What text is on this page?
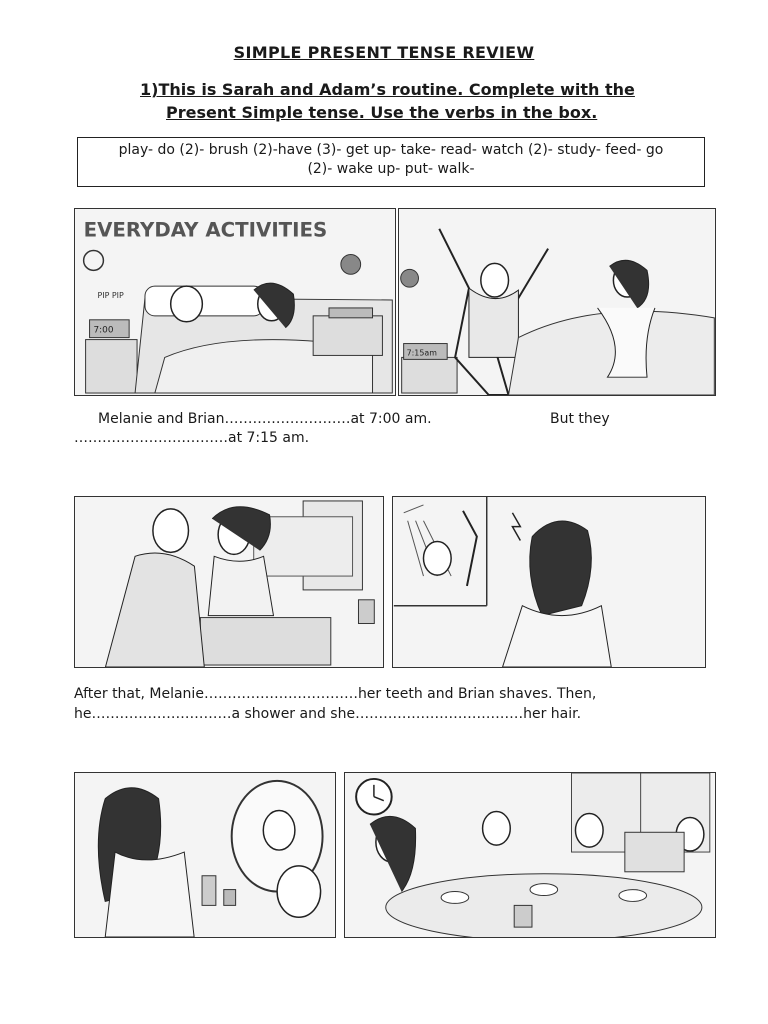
SIMPLE PRESENT TENSE REVIEW
1)This is Sarah and Adam’s routine. Complete with the
Present Simple tense. Use the verbs in the box.
play- do (2)- brush (2)-have (3)- get up- take- read- watch (2)- study- feed- go
(2)- wake up- put- walk-
EVERYDAY ACTIVITIES
7:00
PIP PIP
7:15am
Melanie and Brian………………………at 7:00 am.	But they
……………………………at 7:15 am.
After that, Melanie……………………………her teeth and Brian shaves. Then,
he…………………………a shower and she………………………………her hair.
